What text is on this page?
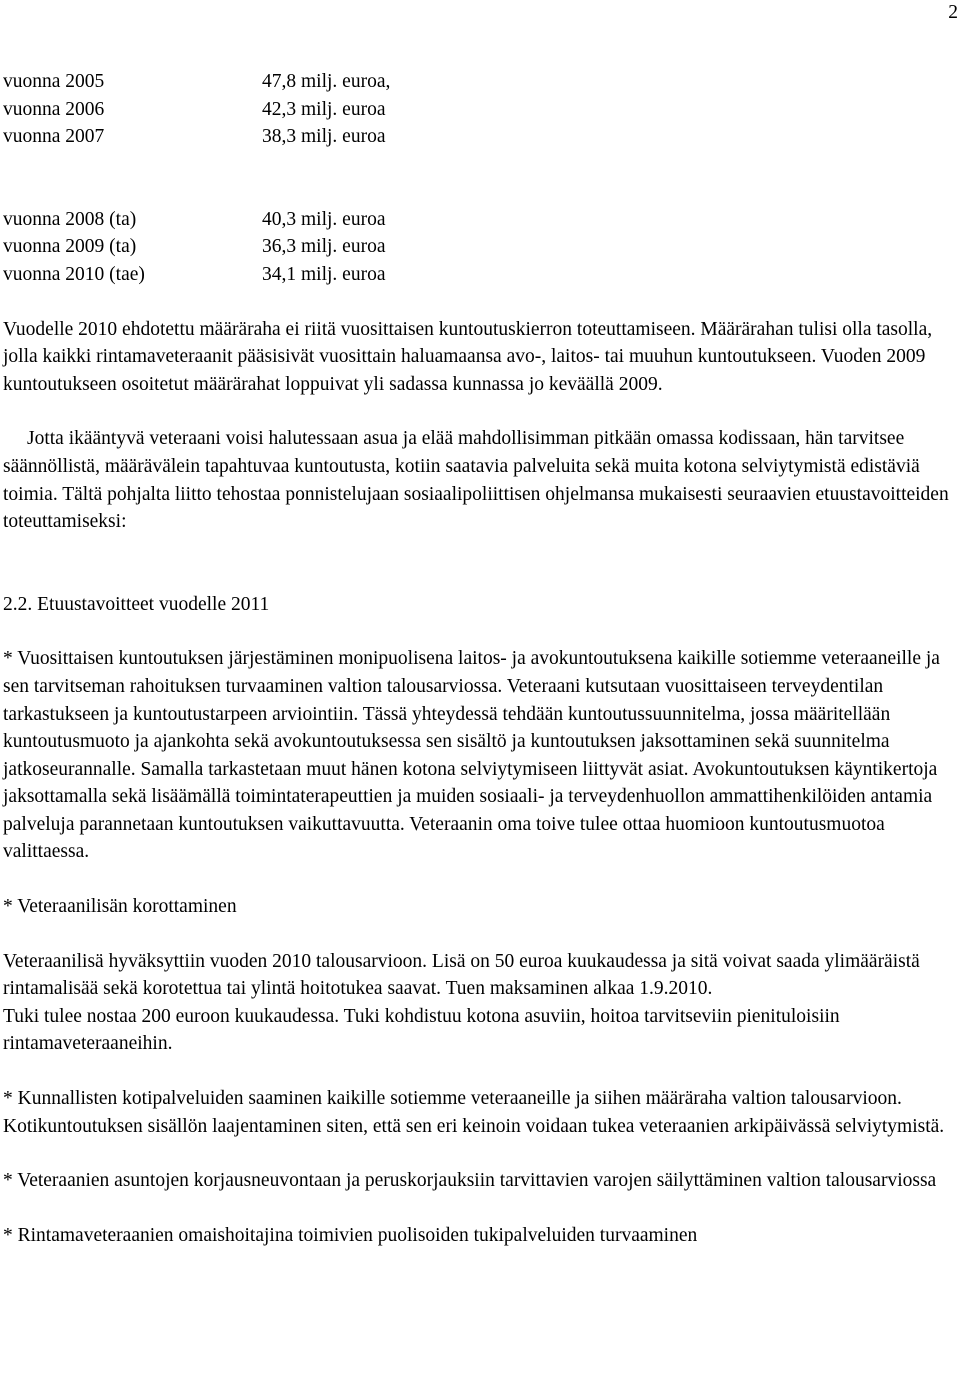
2
vuonna 2005	47,8 milj. euroa,
vuonna 2006	42,3 milj. euroa
vuonna 2007	38,3 milj. euroa
vuonna 2008 (ta)	40,3 milj. euroa
vuonna 2009 (ta)	36,3 milj. euroa
vuonna 2010 (tae)	34,1 milj. euroa

Vuodelle 2010 ehdotettu määräraha ei riitä vuosittaisen kuntoutuskierron toteuttamiseen. Määrärahan tulisi olla tasolla, jolla kaikki rintamaveteraanit pääsisivät vuosittain haluamaansa avo-, laitos- tai muuhun kuntoutukseen. Vuoden 2009 kuntoutukseen osoitetut määrärahat loppuivat yli sadassa kunnassa jo keväällä 2009.

Jotta ikääntyvä veteraani voisi halutessaan asua ja elää mahdollisimman pitkään omassa kodissaan, hän tarvitsee säännöllistä, määrävälein tapahtuvaa kuntoutusta, kotiin saatavia palveluita sekä muita kotona selviytymistä edistäviä toimia. Tältä pohjalta liitto tehostaa ponnistelujaan sosiaalipoliittisen ohjelmansa mukaisesti seuraavien etuustavoitteiden toteuttamiseksi:

2.2. Etuustavoitteet vuodelle 2011

* Vuosittaisen kuntoutuksen järjestäminen monipuolisena laitos- ja avokuntoutuksena kaikille sotiemme veteraaneille ja sen tarvitseman rahoituksen turvaaminen valtion talousarviossa. Veteraani kutsutaan vuosittaiseen terveydentilan tarkastukseen ja kuntoutustarpeen arviointiin. Tässä yhteydessä tehdään kuntoutussuunnitelma, jossa määritellään kuntoutusmuoto ja ajankohta sekä avokuntoutuksessa sen sisältö ja kuntoutuksen jaksottaminen sekä suunnitelma jatkoseurannalle. Samalla tarkastetaan muut hänen kotona selviytymiseen liittyvät asiat. Avokuntoutuksen käyntikertoja jaksottamalla sekä lisäämällä toimintaterapeuttien ja muiden sosiaali- ja terveydenhuollon ammattihenkilöiden antamia palveluja parannetaan kuntoutuksen vaikuttavuutta. Veteraanin oma toive tulee ottaa huomioon kuntoutusmuotoa valittaessa.

* Veteraanilisän korottaminen

Veteraanilisä hyväksyttiin vuoden 2010 talousarvioon. Lisä on 50 euroa kuukaudessa ja sitä voivat saada ylimääräistä rintamalisää sekä korotettua tai ylintä hoitotukea saavat. Tuen maksaminen alkaa 1.9.2010.

Tuki tulee nostaa 200 euroon kuukaudessa. Tuki kohdistuu kotona asuviin, hoitoa tarvitseviin pienituloisiin rintamaveteraaneihin.

* Kunnallisten kotipalveluiden saaminen kaikille sotiemme veteraaneille ja siihen määräraha valtion talousarvioon. Kotikuntoutuksen sisällön laajentaminen siten, että sen eri keinoin voidaan tukea veteraanien arkipäivässä selviytymistä.

* Veteraanien asuntojen korjausneuvontaan ja peruskorjauksiin tarvittavien varojen säilyttäminen valtion talousarviossa

* Rintamaveteraanien omaishoitajina toimivien puolisoiden tukipalveluiden turvaaminen
